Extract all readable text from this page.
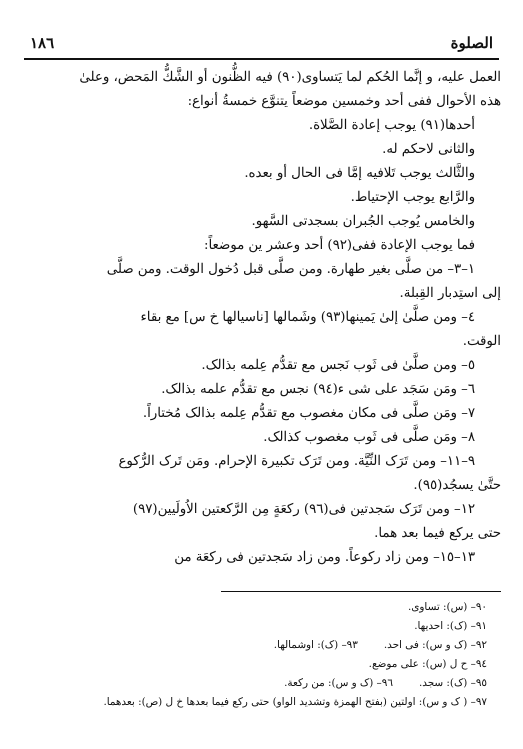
الصلوة
١٨٦

العمل عليه، و إنَّما الحُكم لما يَتساوى(٩٠) فيه الظُّنون أو الشَّكُّ المَحض، وعلىٰ

هذه الأحوال ففى أحد وخمسين موضعاً يتنوَّع خمسةُ أنواع:

أحدها(٩١) يوجب إعادة الصَّلاة.

والثانى لاحكم له.

والثَّالث يوجب تَلافيه إمَّا فى الحال أو بعده.

والرَّابع يوجب الإحتياط.

والخامس يُوجب الجُبران بسجدتى السَّهو.

فما يوجب الإعادة ففى(٩٢) أحد وعشر ين موضعاً:

١–٣– من صلَّى بغير طهارة. ومن صلَّى قبل دُخول الوقت. ومن صلَّى

إلى استِدبار القِبلة.

٤– ومن صلَّىٰ إلىٰ يَمينها(٩٣) وشَمالها [ناسيالها خ س] مع بقاء

الوقت.

٥– ومن صلَّىٰ فى ثَوب نَجس مع تقدُّم عِلمه بذالک.

٦– ومَن سَجَد على شى ء(٩٤) نجس مع تقدُّم علمه بذالک.

٧– ومَن صلَّى فى مكان مغصوب مع تقدُّم عِلمه بذالک مُختاراً.

٨– ومَن صلَّى فى ثَوب مغصوب كذالک.

٩–١١– ومن تَرَک النِّيَّة. ومن تَرَک تكبيرة الإحرام. ومَن تَرک الرُّكوع

حتَّىٰ يسجُد(٩٥).

١٢– ومن تَرَک سَجدتين فى(٩٦) ركعَةٍ مِن الرَّكعتين الاُولَيين(٩٧)

حتى يركع فيما بعد هما.

١٣–١٥– ومن زاد ركوعاً. ومن زاد سَجدتين فى ركعَة من

٩٠– (س): تساوى.
٩١– (ک): احديها.
٩٢– (ک و س): فى احد.٩٣– (ک): اوشمالها.
٩٤– ح ل (س): على موضع.
٩٥– (ک): سجد.٩٦– (ک و س): من ركعة.
٩٧– ( ک و س): اولتين (بفتح الهمزة وتشديد الواو) حتى ركع فيما بعدها خ ل (ص): بعدهما.
